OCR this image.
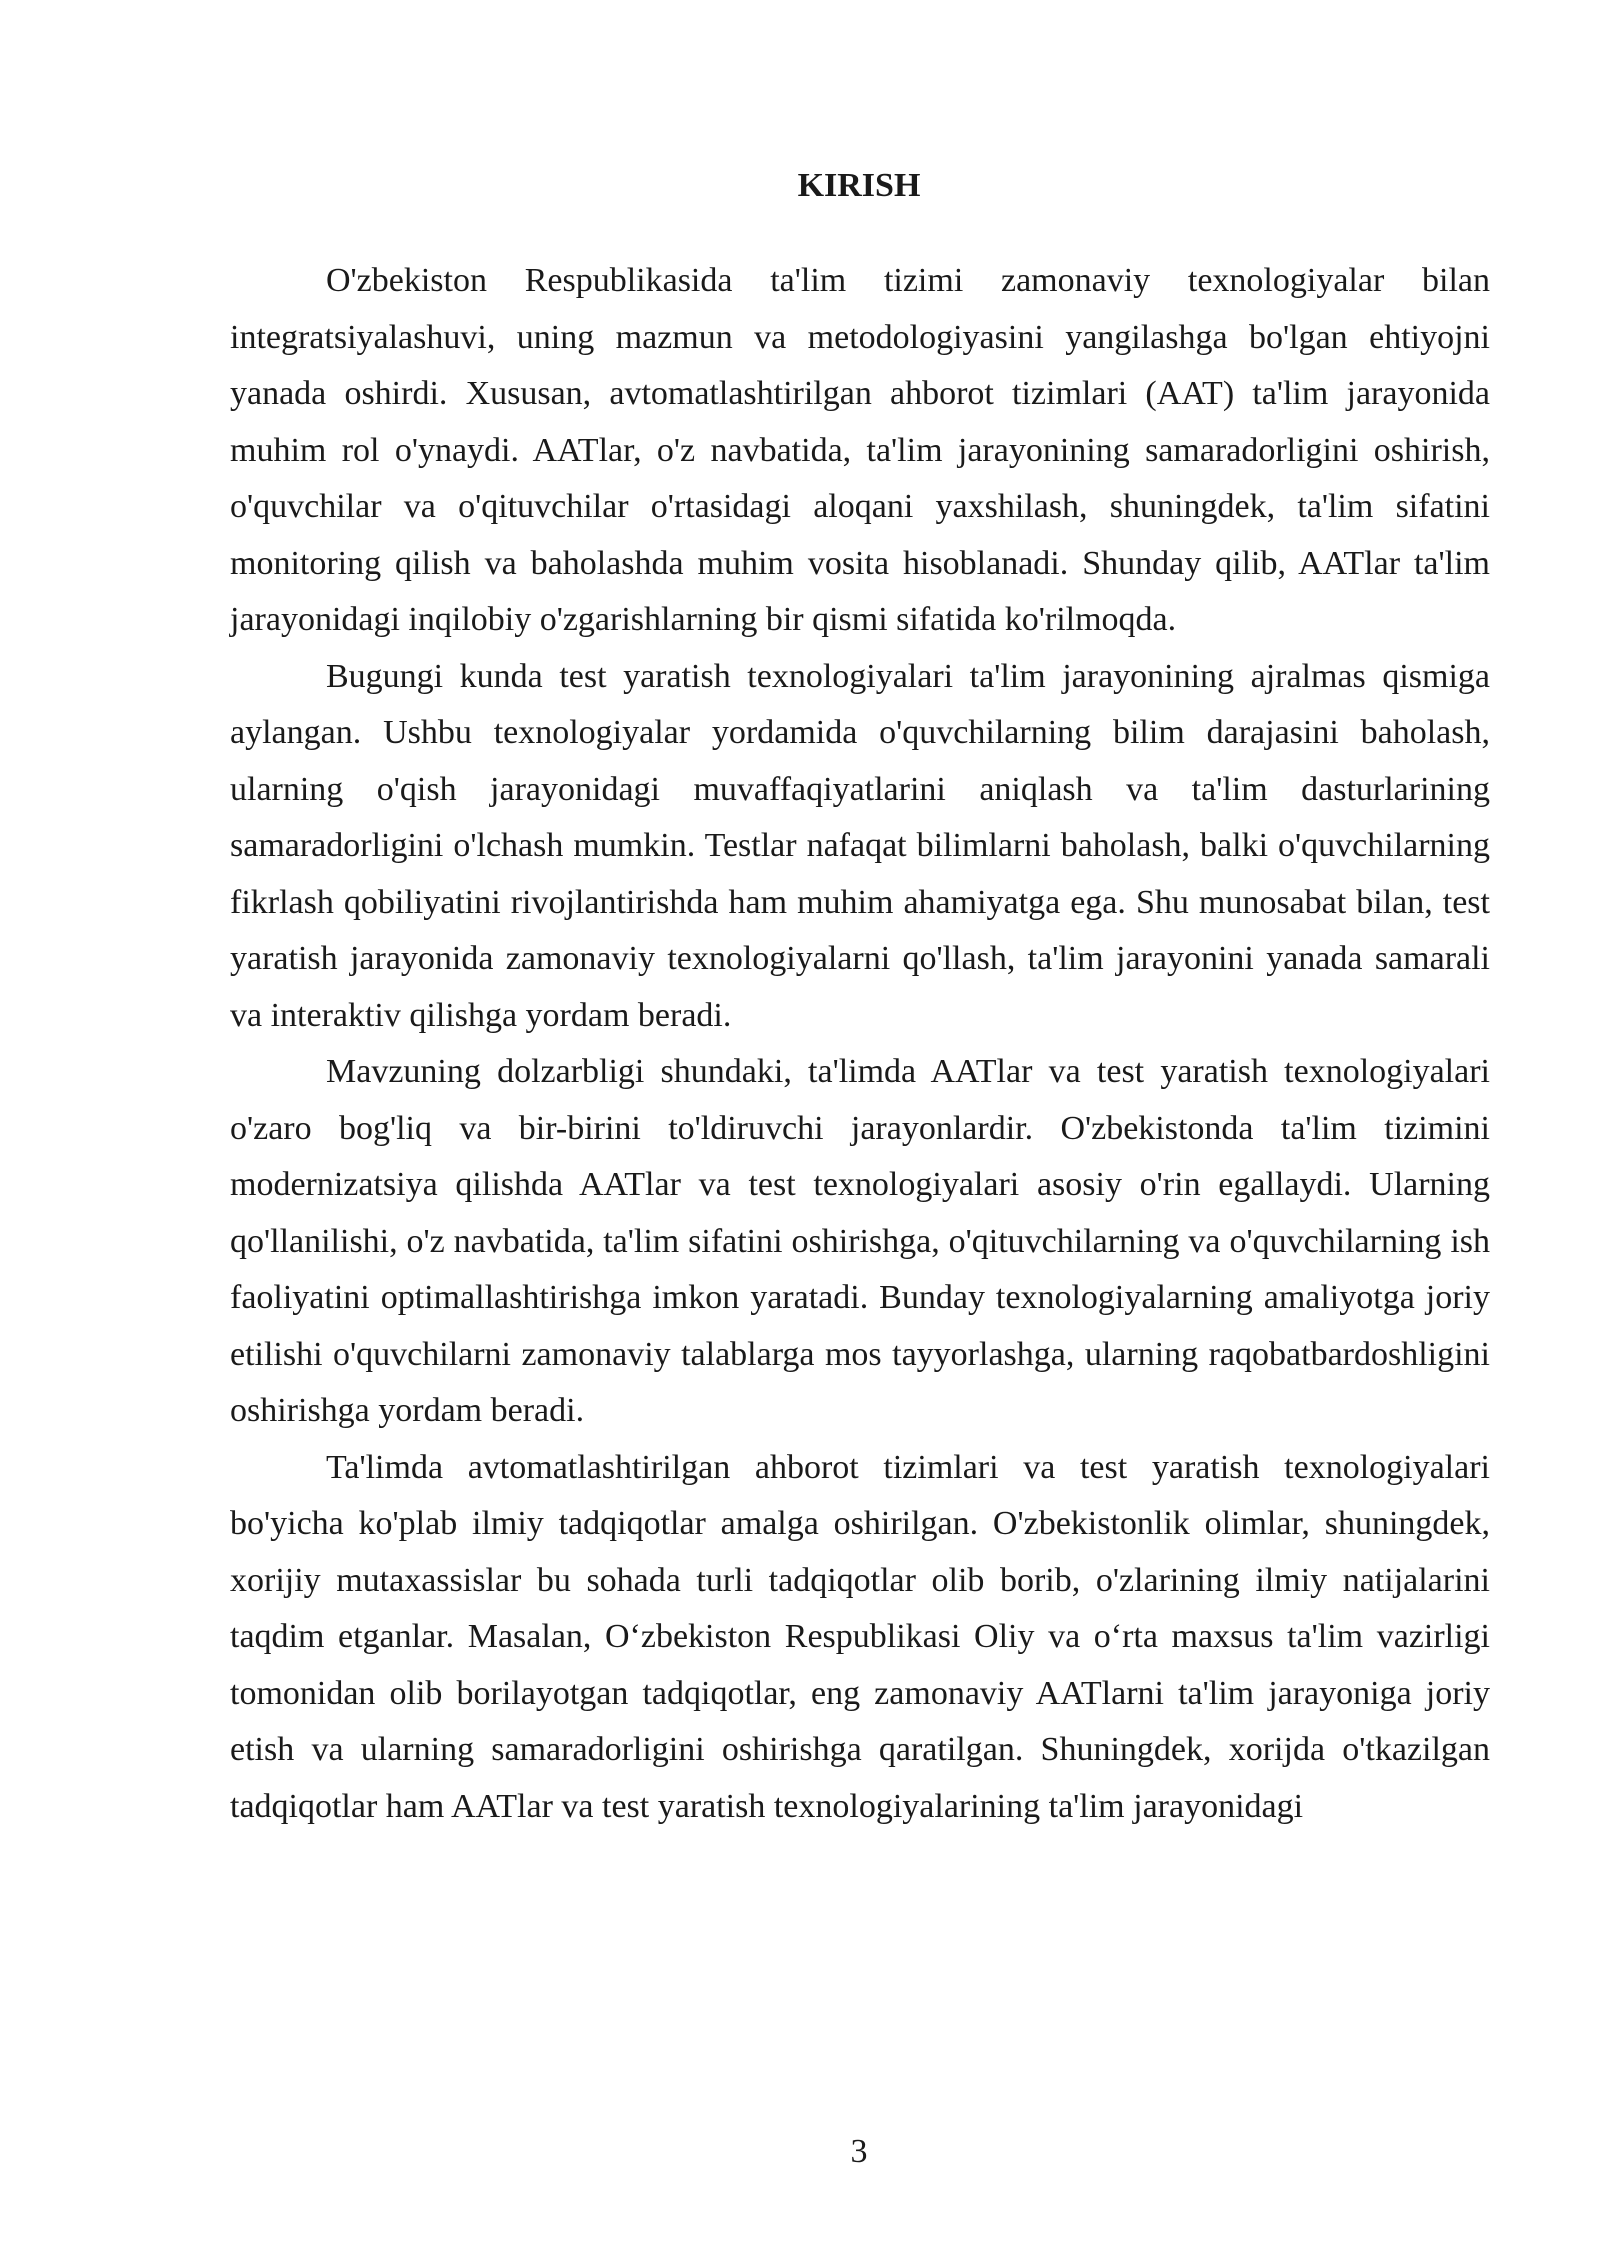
KIRISH

O'zbekiston Respublikasida ta'lim tizimi zamonaviy texnologiyalar bilan integratsiyalashuvi, uning mazmun va metodologiyasini yangilashga bo'lgan ehtiyojni yanada oshirdi. Xususan, avtomatlashtirilgan ahborot tizimlari (AAT) ta'lim jarayonida muhim rol o'ynaydi. AATlar, o'z navbatida, ta'lim jarayonining samaradorligini oshirish, o'quvchilar va o'qituvchilar o'rtasidagi aloqani yaxshilash, shuningdek, ta'lim sifatini monitoring qilish va baholashda muhim vosita hisoblanadi. Shunday qilib, AATlar ta'lim jarayonidagi inqilobiy o'zgarishlarning bir qismi sifatida ko'rilmoqda.

Bugungi kunda test yaratish texnologiyalari ta'lim jarayonining ajralmas qismiga aylangan. Ushbu texnologiyalar yordamida o'quvchilarning bilim darajasini baholash, ularning o'qish jarayonidagi muvaffaqiyatlarini aniqlash va ta'lim dasturlarining samaradorligini o'lchash mumkin. Testlar nafaqat bilimlarni baholash, balki o'quvchilarning fikrlash qobiliyatini rivojlantirishda ham muhim ahamiyatga ega. Shu munosabat bilan, test yaratish jarayonida zamonaviy texnologiyalarni qo'llash, ta'lim jarayonini yanada samarali va interaktiv qilishga yordam beradi.

Mavzuning dolzarbligi shundaki, ta'limda AATlar va test yaratish texnologiyalari o'zaro bog'liq va bir-birini to'ldiruvchi jarayonlardir. O'zbekistonda ta'lim tizimini modernizatsiya qilishda AATlar va test texnologiyalari asosiy o'rin egallaydi. Ularning qo'llanilishi, o'z navbatida, ta'lim sifatini oshirishga, o'qituvchilarning va o'quvchilarning ish faoliyatini optimallashtirishga imkon yaratadi. Bunday texnologiyalarning amaliyotga joriy etilishi o'quvchilarni zamonaviy talablarga mos tayyorlashga, ularning raqobatbardoshligini oshirishga yordam beradi.

Ta'limda avtomatlashtirilgan ahborot tizimlari va test yaratish texnologiyalari bo'yicha ko'plab ilmiy tadqiqotlar amalga oshirilgan. O'zbekistonlik olimlar, shuningdek, xorijiy mutaxassislar bu sohada turli tadqiqotlar olib borib, o'zlarining ilmiy natijalarini taqdim etganlar. Masalan, O‘zbekiston Respublikasi Oliy va o‘rta maxsus ta'lim vazirligi tomonidan olib borilayotgan tadqiqotlar, eng zamonaviy AATlarni ta'lim jarayoniga joriy etish va ularning samaradorligini oshirishga qaratilgan. Shuningdek, xorijda o'tkazilgan tadqiqotlar ham AATlar va test yaratish texnologiyalarining ta'lim jarayonidagi

3
